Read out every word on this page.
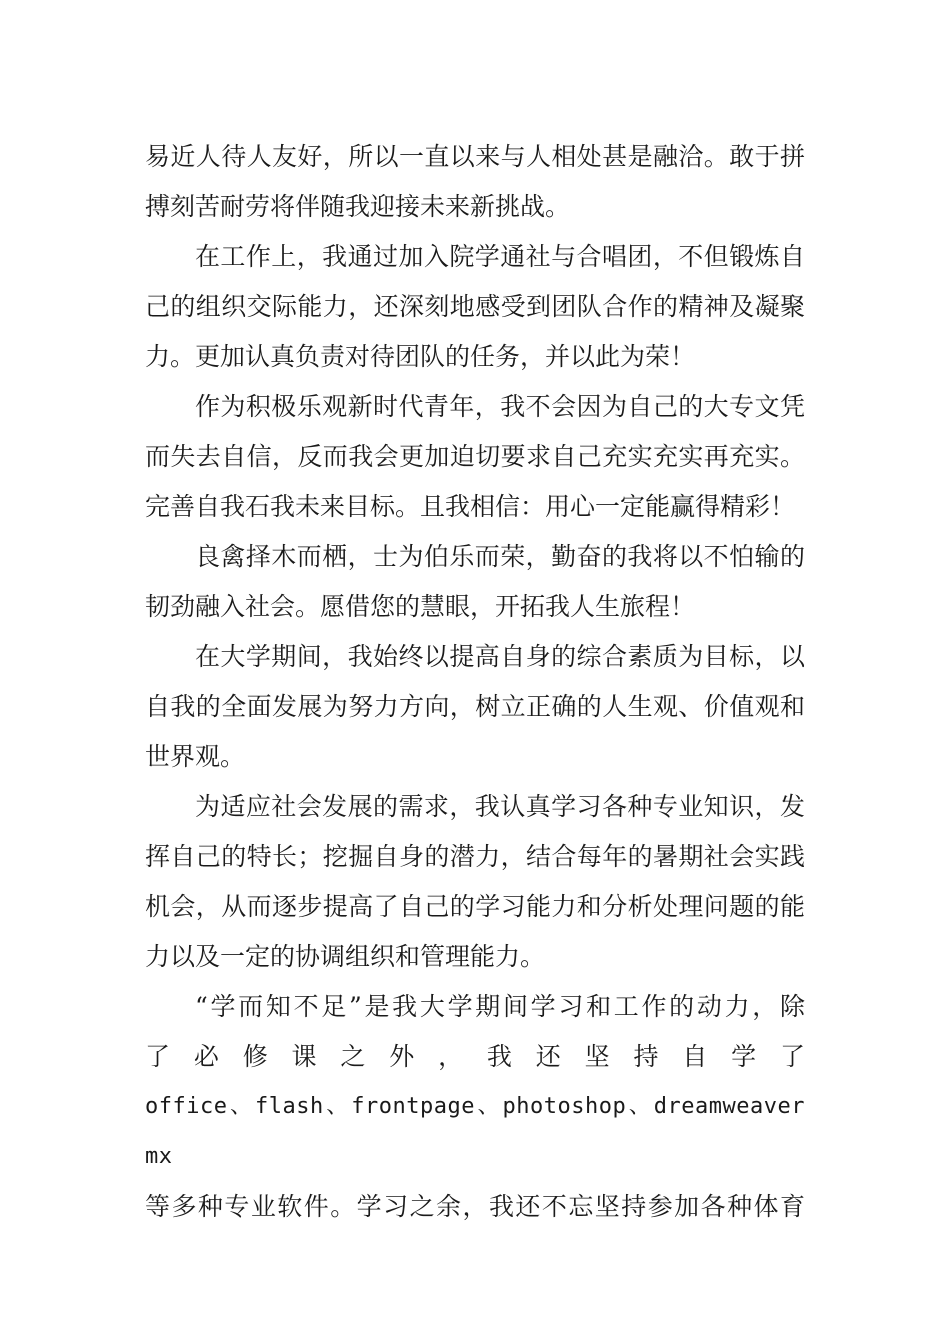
易近人待人友好，所以一直以来与人相处甚是融洽。敢于拼搏刻苦耐劳将伴随我迎接未来新挑战。

在工作上，我通过加入院学通社与合唱团，不但锻炼自己的组织交际能力，还深刻地感受到团队合作的精神及凝聚力。更加认真负责对待团队的任务，并以此为荣！

作为积极乐观新时代青年，我不会因为自己的大专文凭而失去自信，反而我会更加迫切要求自己充实充实再充实。完善自我石我未来目标。且我相信：用心一定能赢得精彩！

良禽择木而栖，士为伯乐而荣，勤奋的我将以不怕输的韧劲融入社会。愿借您的慧眼，开拓我人生旅程！

在大学期间，我始终以提高自身的综合素质为目标，以自我的全面发展为努力方向，树立正确的人生观、价值观和世界观。

为适应社会发展的需求，我认真学习各种专业知识，发挥自己的特长；挖掘自身的潜力，结合每年的暑期社会实践机会，从而逐步提高了自己的学习能力和分析处理问题的能力以及一定的协调组织和管理能力。

“学而知不足”是我大学期间学习和工作的动力，除
了必修课之外，我还坚持自学了
office、flash、frontpage、photoshop、dreamweaver mx
等多种专业软件。学习之余，我还不忘坚持参加各种体育
